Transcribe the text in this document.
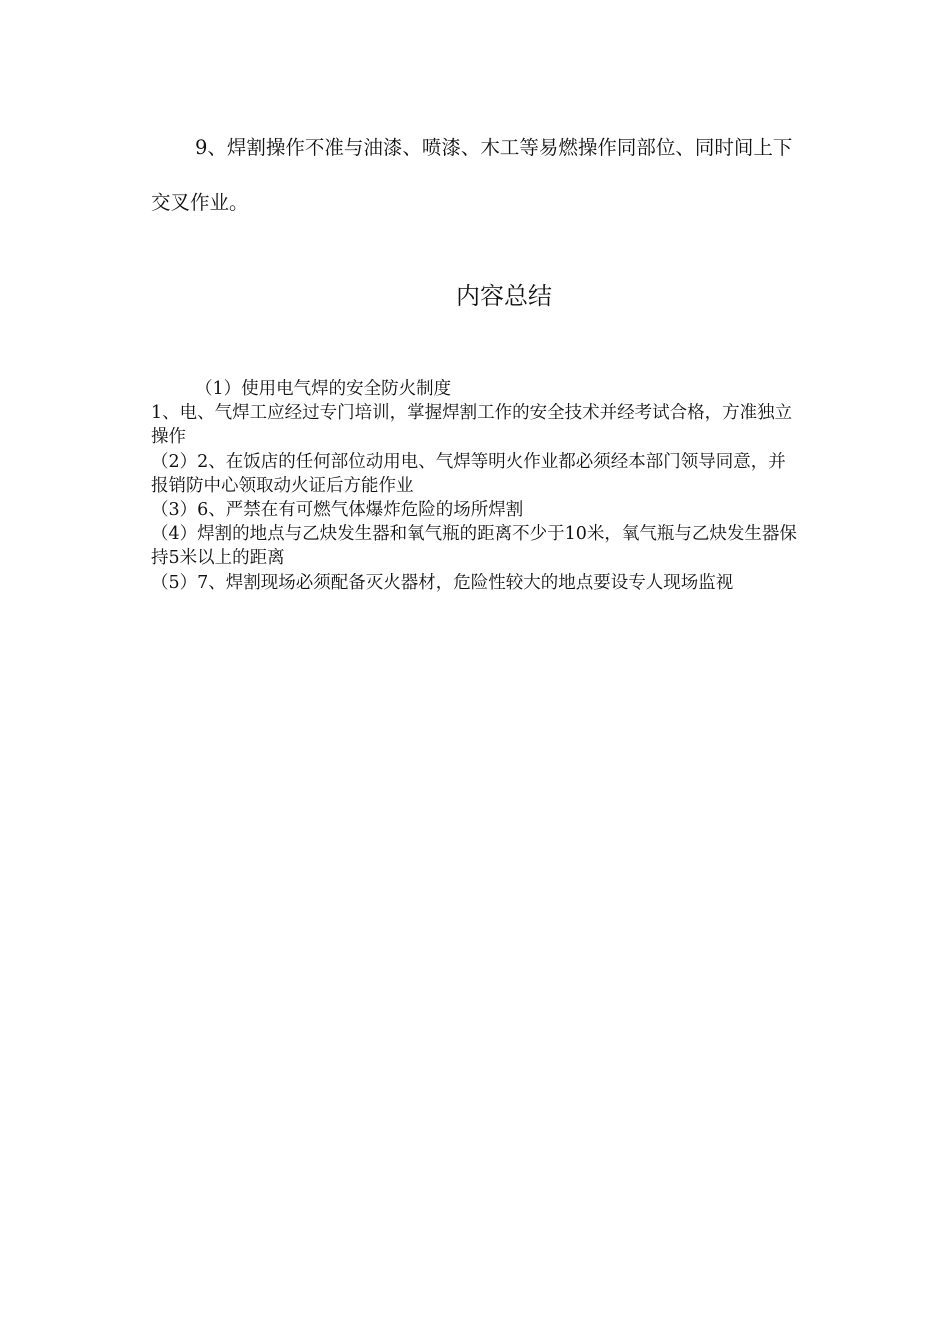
9、焊割操作不准与油漆、喷漆、木工等易燃操作同部位、同时间上下交叉作业。

内容总结

（1）使用电气焊的安全防火制度

1、电、气焊工应经过专门培训，掌握焊割工作的安全技术并经考试合格，方准独立操作

（2）2、在饭店的任何部位动用电、气焊等明火作业都必须经本部门领导同意，并报销防中心领取动火证后方能作业

（3）6、严禁在有可燃气体爆炸危险的场所焊割

（4）焊割的地点与乙炔发生器和氧气瓶的距离不少于10米，氧气瓶与乙炔发生器保持5米以上的距离

（5）7、焊割现场必须配备灭火器材，危险性较大的地点要设专人现场监视
